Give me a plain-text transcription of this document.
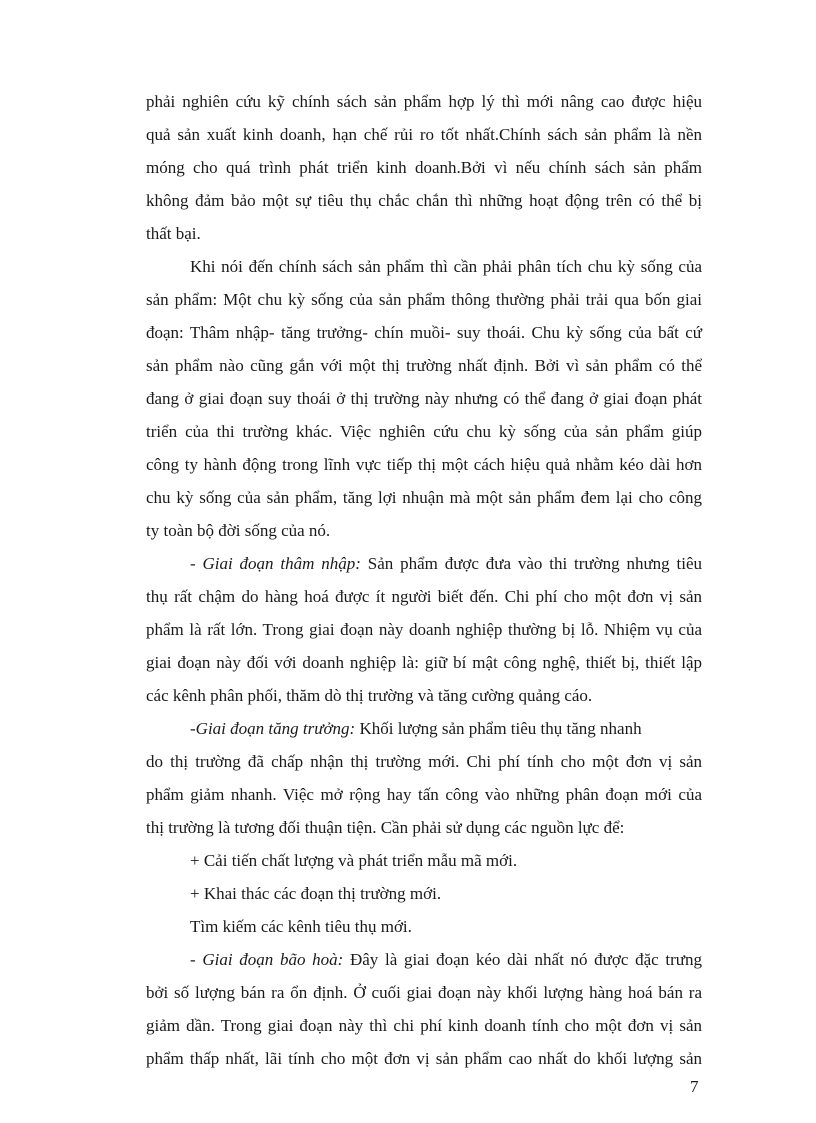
phải nghiên cứu kỹ chính sách sản phẩm hợp lý thì mới nâng cao được hiệu
quả sản xuất kinh doanh, hạn chế rủi ro tốt nhất.Chính sách sản phẩm là nền
móng cho quá trình phát triển kinh doanh.Bởi vì nếu chính sách sản phẩm
không đảm bảo một sự tiêu thụ chắc chắn thì những hoạt động trên có thể bị
thất bại.
Khi nói đến chính sách sản phẩm thì cần phải phân tích chu kỳ sống của
sản phẩm: Một chu kỳ sống của sản phẩm thông thường phải trải qua bốn giai
đoạn: Thâm nhập- tăng trưởng- chín muồi- suy thoái. Chu kỳ sống của bất cứ
sản phẩm nào cũng gắn với một thị trường nhất định. Bởi vì sản phẩm có thể
đang ở giai đoạn suy thoái ở thị trường này nhưng có thể đang ở giai đoạn phát
triển của thi trường khác. Việc nghiên cứu chu kỳ sống của sản phẩm giúp
công ty hành động trong lĩnh vực tiếp thị một cách hiệu quả nhằm kéo dài hơn
chu kỳ sống của sản phẩm, tăng lợi nhuận mà một sản phẩm đem lại cho công
ty toàn bộ đời sống của nó.
- Giai đoạn thâm nhập: Sản phẩm được đưa vào thi trường nhưng tiêu
thụ rất chậm do hàng hoá được ít người biết đến. Chi phí cho một đơn vị sản
phẩm là rất lớn. Trong giai đoạn này doanh nghiệp thường bị lỗ. Nhiệm vụ của
giai đoạn này đối với doanh nghiệp là: giữ bí mật công nghệ, thiết bị, thiết lập
các kênh phân phối, thăm dò thị trường và tăng cường quảng cáo.
-Giai đoạn tăng trưởng: Khối lượng sản phẩm tiêu thụ tăng nhanh
do thị trường đã chấp nhận thị trường mới. Chi phí tính cho một đơn vị sản
phẩm giảm nhanh. Việc mở rộng hay tấn công vào những phân đoạn mới của
thị trường là tương đối thuận tiện. Cần phải sử dụng các nguồn lực để:
+ Cải tiến chất lượng và phát triển mẫu mã mới.
+ Khai thác các đoạn thị trường mới.
Tìm kiếm các kênh tiêu thụ mới.
- Giai đoạn bão hoà: Đây là giai đoạn kéo dài nhất nó được đặc trưng
bởi số lượng bán ra ổn định. Ở cuối giai đoạn này khối lượng hàng hoá bán ra
giảm dần. Trong giai đoạn này thì chi phí kinh doanh tính cho một đơn vị sản
phẩm thấp nhất, lãi tính cho một đơn vị sản phẩm cao nhất do khối lượng sản
7
